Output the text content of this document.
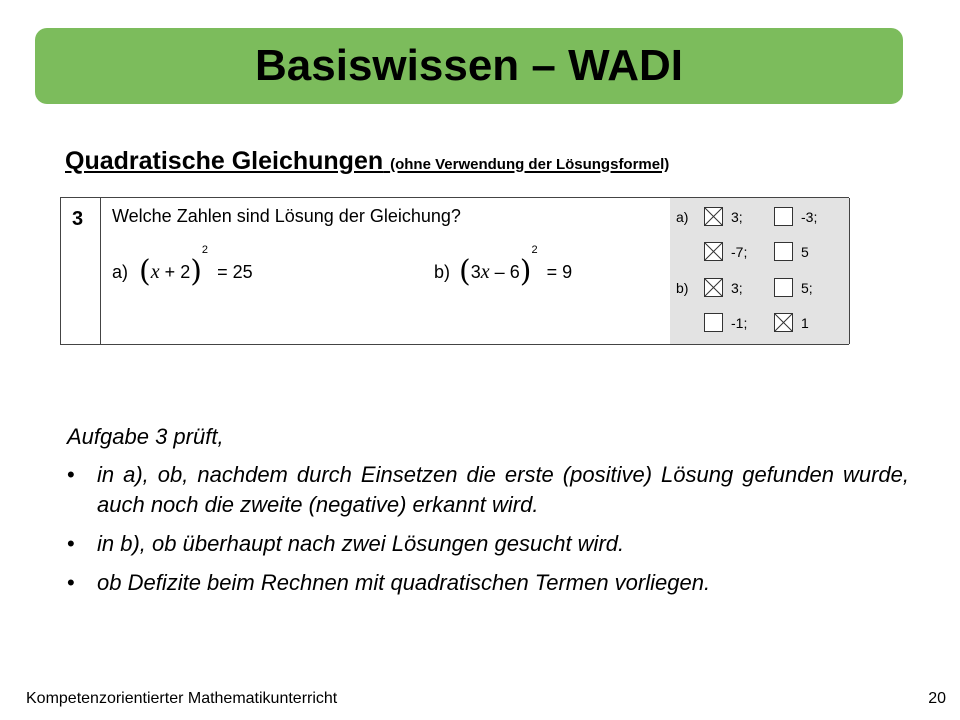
Basiswissen – WADI
Quadratische Gleichungen (ohne Verwendung der Lösungsformel)
3 Welche Zahlen sind Lösung der Gleichung?
a) $(x + 2)^2 = 25$	b) (3x – 6)$^2$ = 9
a)	3;	-3;
-7;	5
b)	3;	5;
-1;	1
Aufgabe 3 prüft,
• in a), ob, nachdem durch Einsetzen die erste (positive) Lösung gefunden wurde, auch noch die zweite (negative) erkannt wird.
• in b), ob überhaupt nach zwei Lösungen gesucht wird.
• ob Defizite beim Rechnen mit quadratischen Termen vorliegen.
Kompetenzorientierter Mathematikunterricht	20
